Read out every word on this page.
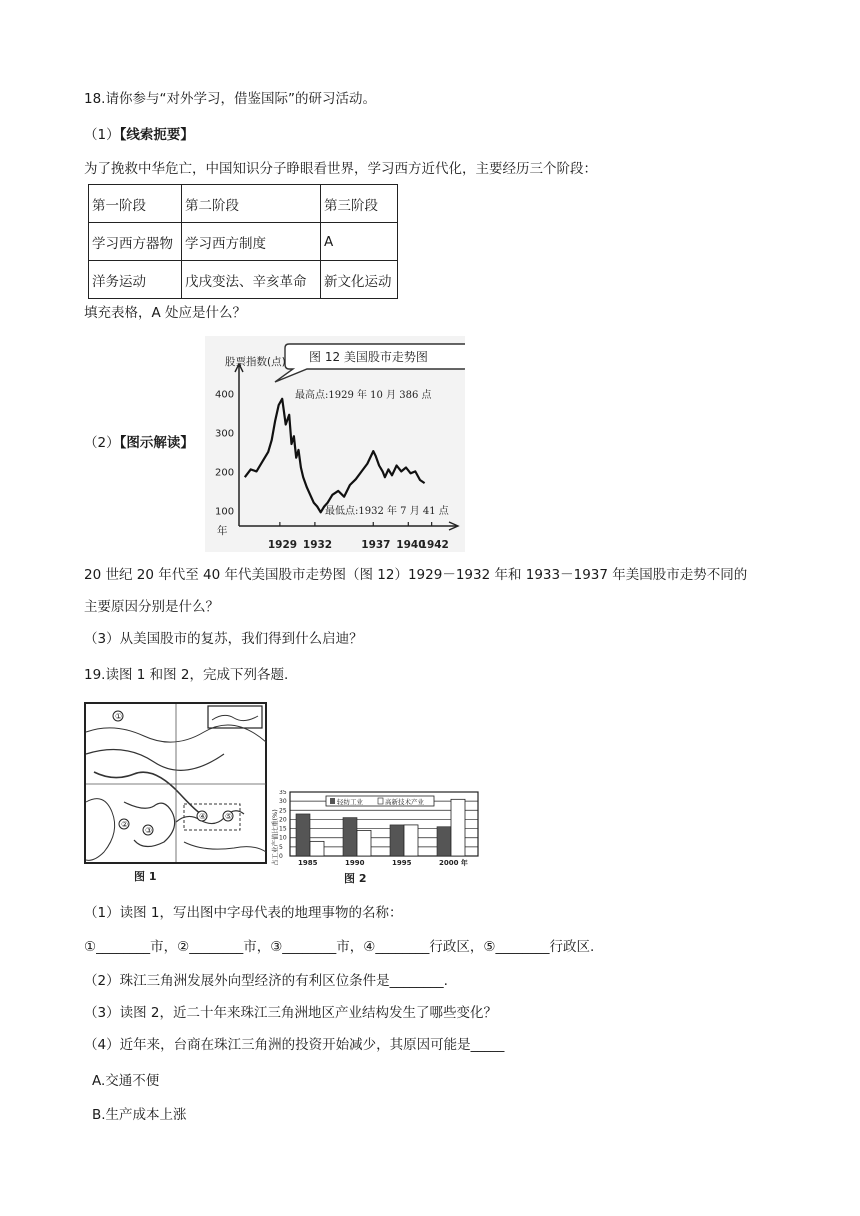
18.请你参与“对外学习，借鉴国际”的研习活动。
（1）【线索扼要】
为了挽救中华危亡，中国知识分子睁眼看世界，学习西方近代化，主要经历三个阶段：
第一阶段	第二阶段	第三阶段
学习西方器物	学习西方制度	A
洋务运动	戊戌变法、辛亥革命	新文化运动
填充表格，A 处应是什么？
（2）【图示解读】
图 12 美国股市走势图
股票指数(点)
年
100
200
300
400
1929 1932	1937 1940
1942
最高点:1929 年 10 月 386 点
最低点:1932 年 7 月 41 点
20 世纪 20 年代至 40 年代美国股市走势图（图 12）1929－1932 年和 1933－1937 年美国股市走势不同的
主要原因分别是什么？
（3）从美国股市的复苏，我们得到什么启迪？
19.读图 1 和图 2，完成下列各题.
①
②
③
④ ⑤
图 1
占工业产值比重(%)
35
30
25
20
15
10
5
0
轻纺工业	高新技术产业
1985	1990	1995	2000 年
图 2
（1）读图 1，写出图中字母代表的地理事物的名称：
①________市，②________市，③________市，④________行政区，⑤________行政区.
（2）珠江三角洲发展外向型经济的有利区位条件是________.
（3）读图 2，近二十年来珠江三角洲地区产业结构发生了哪些变化？
（4）近年来，台商在珠江三角洲的投资开始减少，其原因可能是_____
A.交通不便
B.生产成本上涨
